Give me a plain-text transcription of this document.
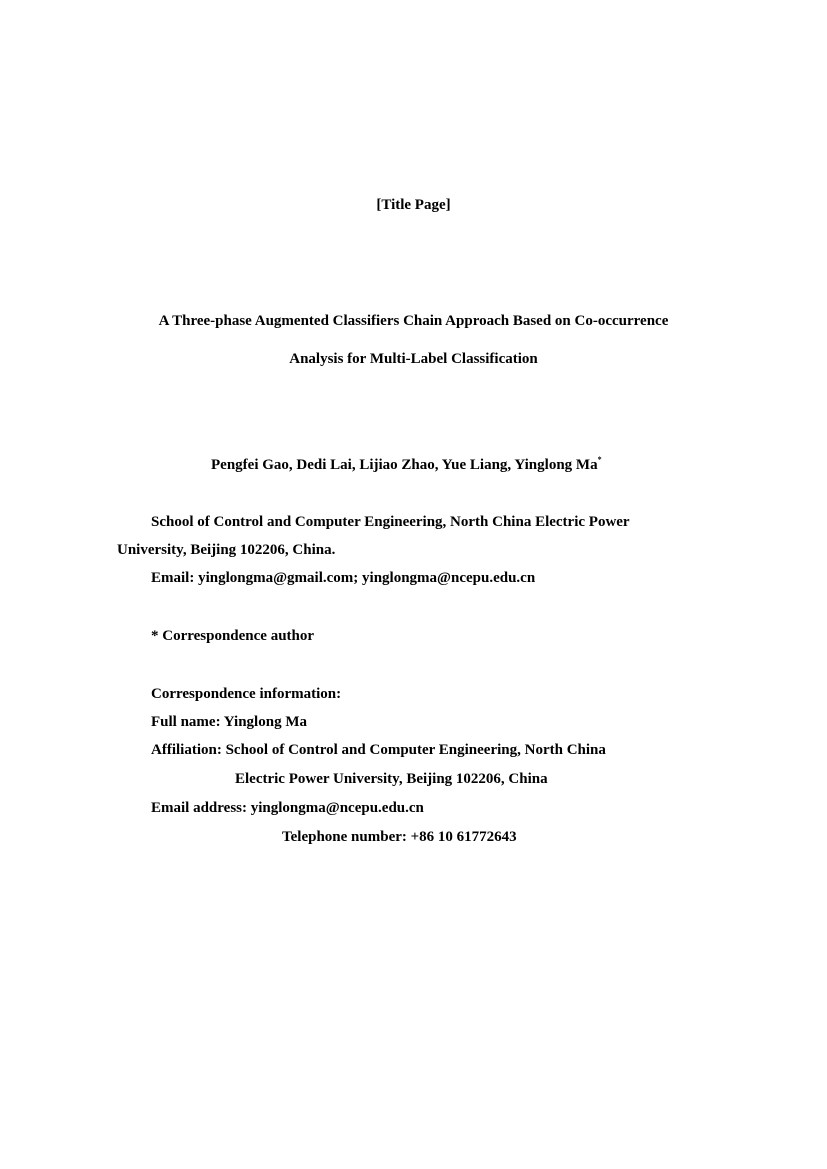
[Title Page]
A Three-phase Augmented Classifiers Chain Approach Based on Co-occurrence
Analysis for Multi-Label Classification
Pengfei Gao, Dedi Lai, Lijiao Zhao, Yue Liang, Yinglong Ma*
School of Control and Computer Engineering, North China Electric Power
University, Beijing 102206, China.
Email: yinglongma@gmail.com; yinglongma@ncepu.edu.cn
* Correspondence author
Correspondence information:
Full name: Yinglong Ma
Affiliation: School of Control and Computer Engineering, North China
Electric Power University, Beijing 102206, China
Email address: yinglongma@ncepu.edu.cn
Telephone number: +86 10 61772643
